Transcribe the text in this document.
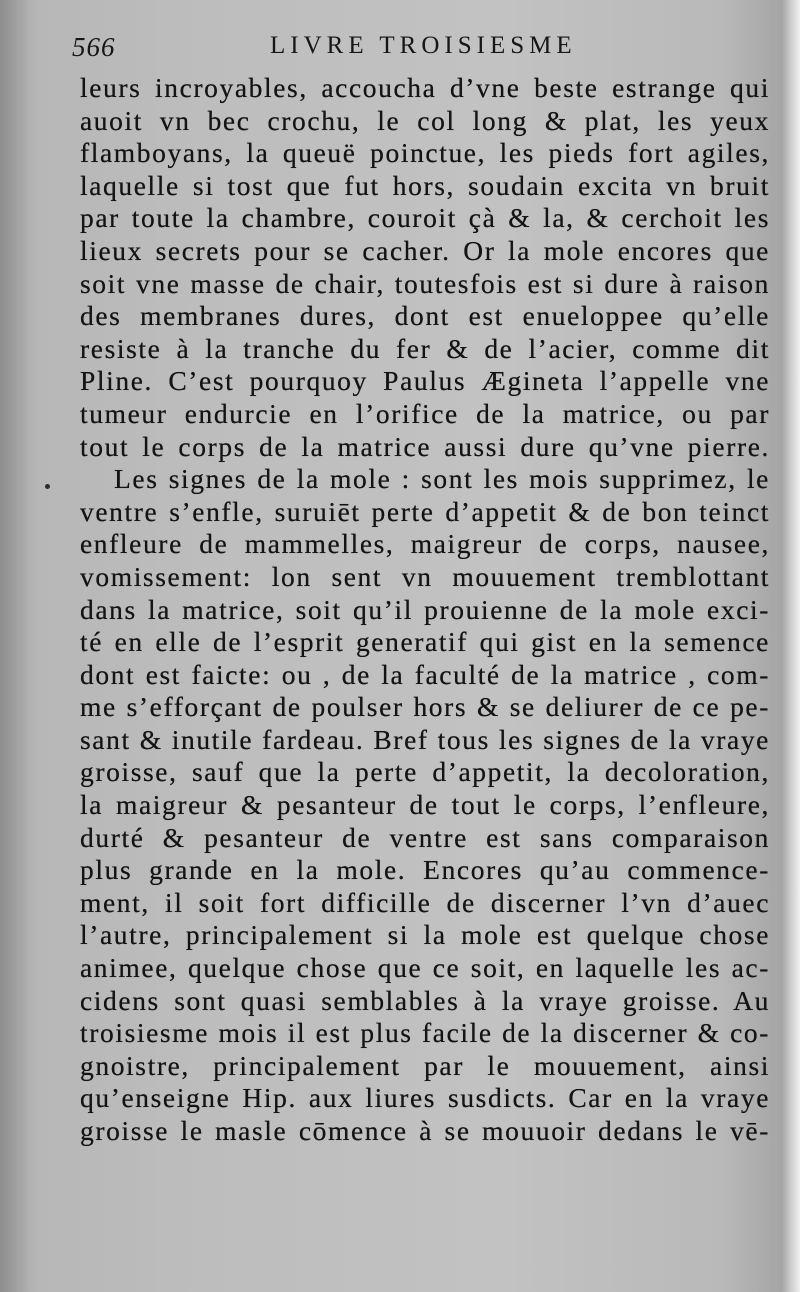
566	LIVRE TROISIESME
leurs incroyables, accoucha d’vne beste estrange qui
auoit vn bec crochu, le col long & plat, les yeux
flamboyans, la queuë poinctue, les pieds fort agiles,
laquelle si tost que fut hors, soudain excita vn bruit
par toute la chambre, couroit çà & la, & cerchoit les
lieux secrets pour se cacher. Or la mole encores que
soit vne masse de chair, toutesfois est si dure à raison
des membranes dures, dont est enueloppee qu’elle
resiste à la tranche du fer & de l’acier, comme dit
Pline. C’est pourquoy Paulus Ægineta l’appelle vne
tumeur endurcie en l’orifice de la matrice, ou par
tout le corps de la matrice aussi dure qu’vne pierre.
Les signes de la mole : sont les mois supprimez, le
ventre s’enfle, suruiēt perte d’appetit & de bon teinct
enfleure de mammelles, maigreur de corps, nausee,
vomissement: lon sent vn mouuement tremblottant
dans la matrice, soit qu’il prouienne de la mole exci-
té en elle de l’esprit generatif qui gist en la semence
dont est faicte: ou , de la faculté de la matrice , com-
me s’efforçant de poulser hors & se deliurer de ce pe-
sant & inutile fardeau. Bref tous les signes de la vraye
groisse, sauf que la perte d’appetit, la decoloration,
la maigreur & pesanteur de tout le corps, l’enfleure,
durté & pesanteur de ventre est sans comparaison
plus grande en la mole. Encores qu’au commence-
ment, il soit fort difficille de discerner l’vn d’auec
l’autre, principalement si la mole est quelque chose
animee, quelque chose que ce soit, en laquelle les ac-
cidens sont quasi semblables à la vraye groisse. Au
troisiesme mois il est plus facile de la discerner & co-
gnoistre, principalement par le mouuement, ainsi
qu’enseigne Hip. aux liures susdicts. Car en la vraye
groisse le masle cōmence à se mouuoir dedans le vē-
